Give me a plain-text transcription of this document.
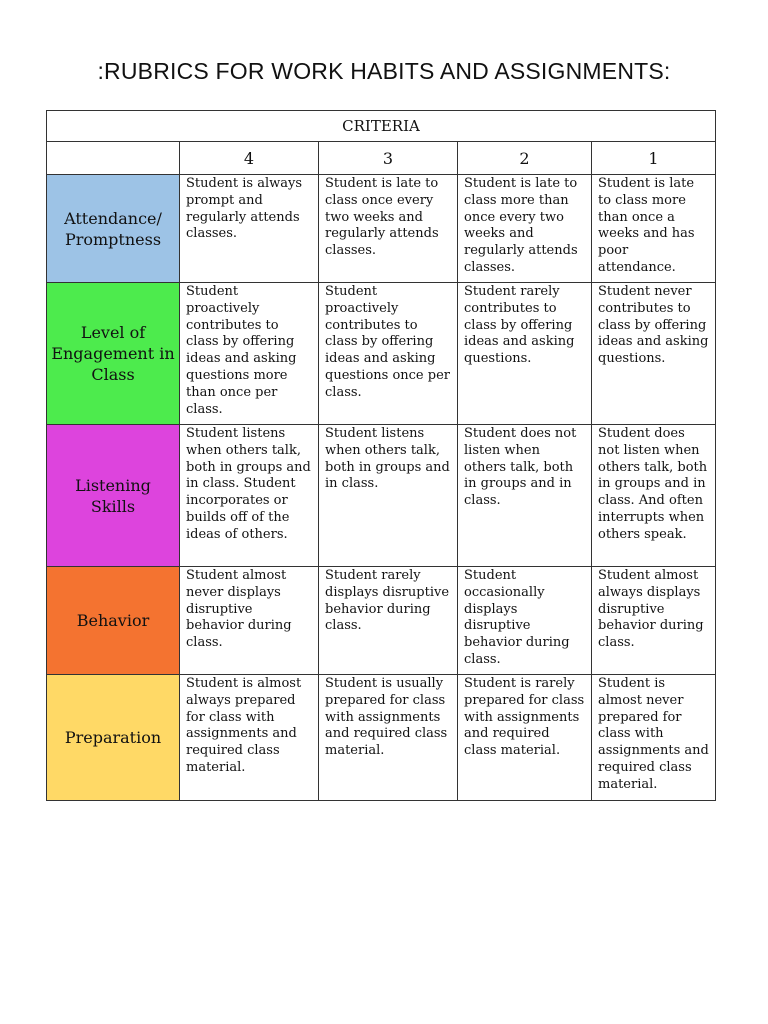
:RUBRICS FOR WORK HABITS AND ASSIGNMENTS:
CRITERIA				
	4	3	2	1
Attendance/ Promptness	Student is always prompt and regularly attends classes.	Student is late to class once every two weeks and regularly attends classes.	Student is late to class more than once every two weeks and regularly attends classes.	Student is late to class more than once a weeks and has poor attendance.
Level of Engagement in Class	Student proactively contributes to class by offering ideas and asking questions more than once per class.	Student proactively contributes to class by offering ideas and asking questions once per class.	Student rarely contributes to class by offering ideas and asking questions.	Student never contributes to class by offering ideas and asking questions.
Listening Skills	Student listens when others talk, both in groups and in class. Student incorporates or builds off of the ideas of others.	Student listens when others talk, both in groups and in class.	Student does not listen when others talk, both in groups and in class.	Student does not listen when others talk, both in groups and in class. And often interrupts when others speak.
Behavior	Student almost never displays disruptive behavior during class.	Student rarely displays disruptive behavior during class.	Student occasionally displays disruptive behavior during class.	Student almost always displays disruptive behavior during class.
Preparation	Student is almost always prepared for class with assignments and required class material.	Student is usually prepared for class with assignments and required class material.	Student is rarely prepared for class with assignments and required class material.	Student is almost never prepared for class with assignments and required class material.
